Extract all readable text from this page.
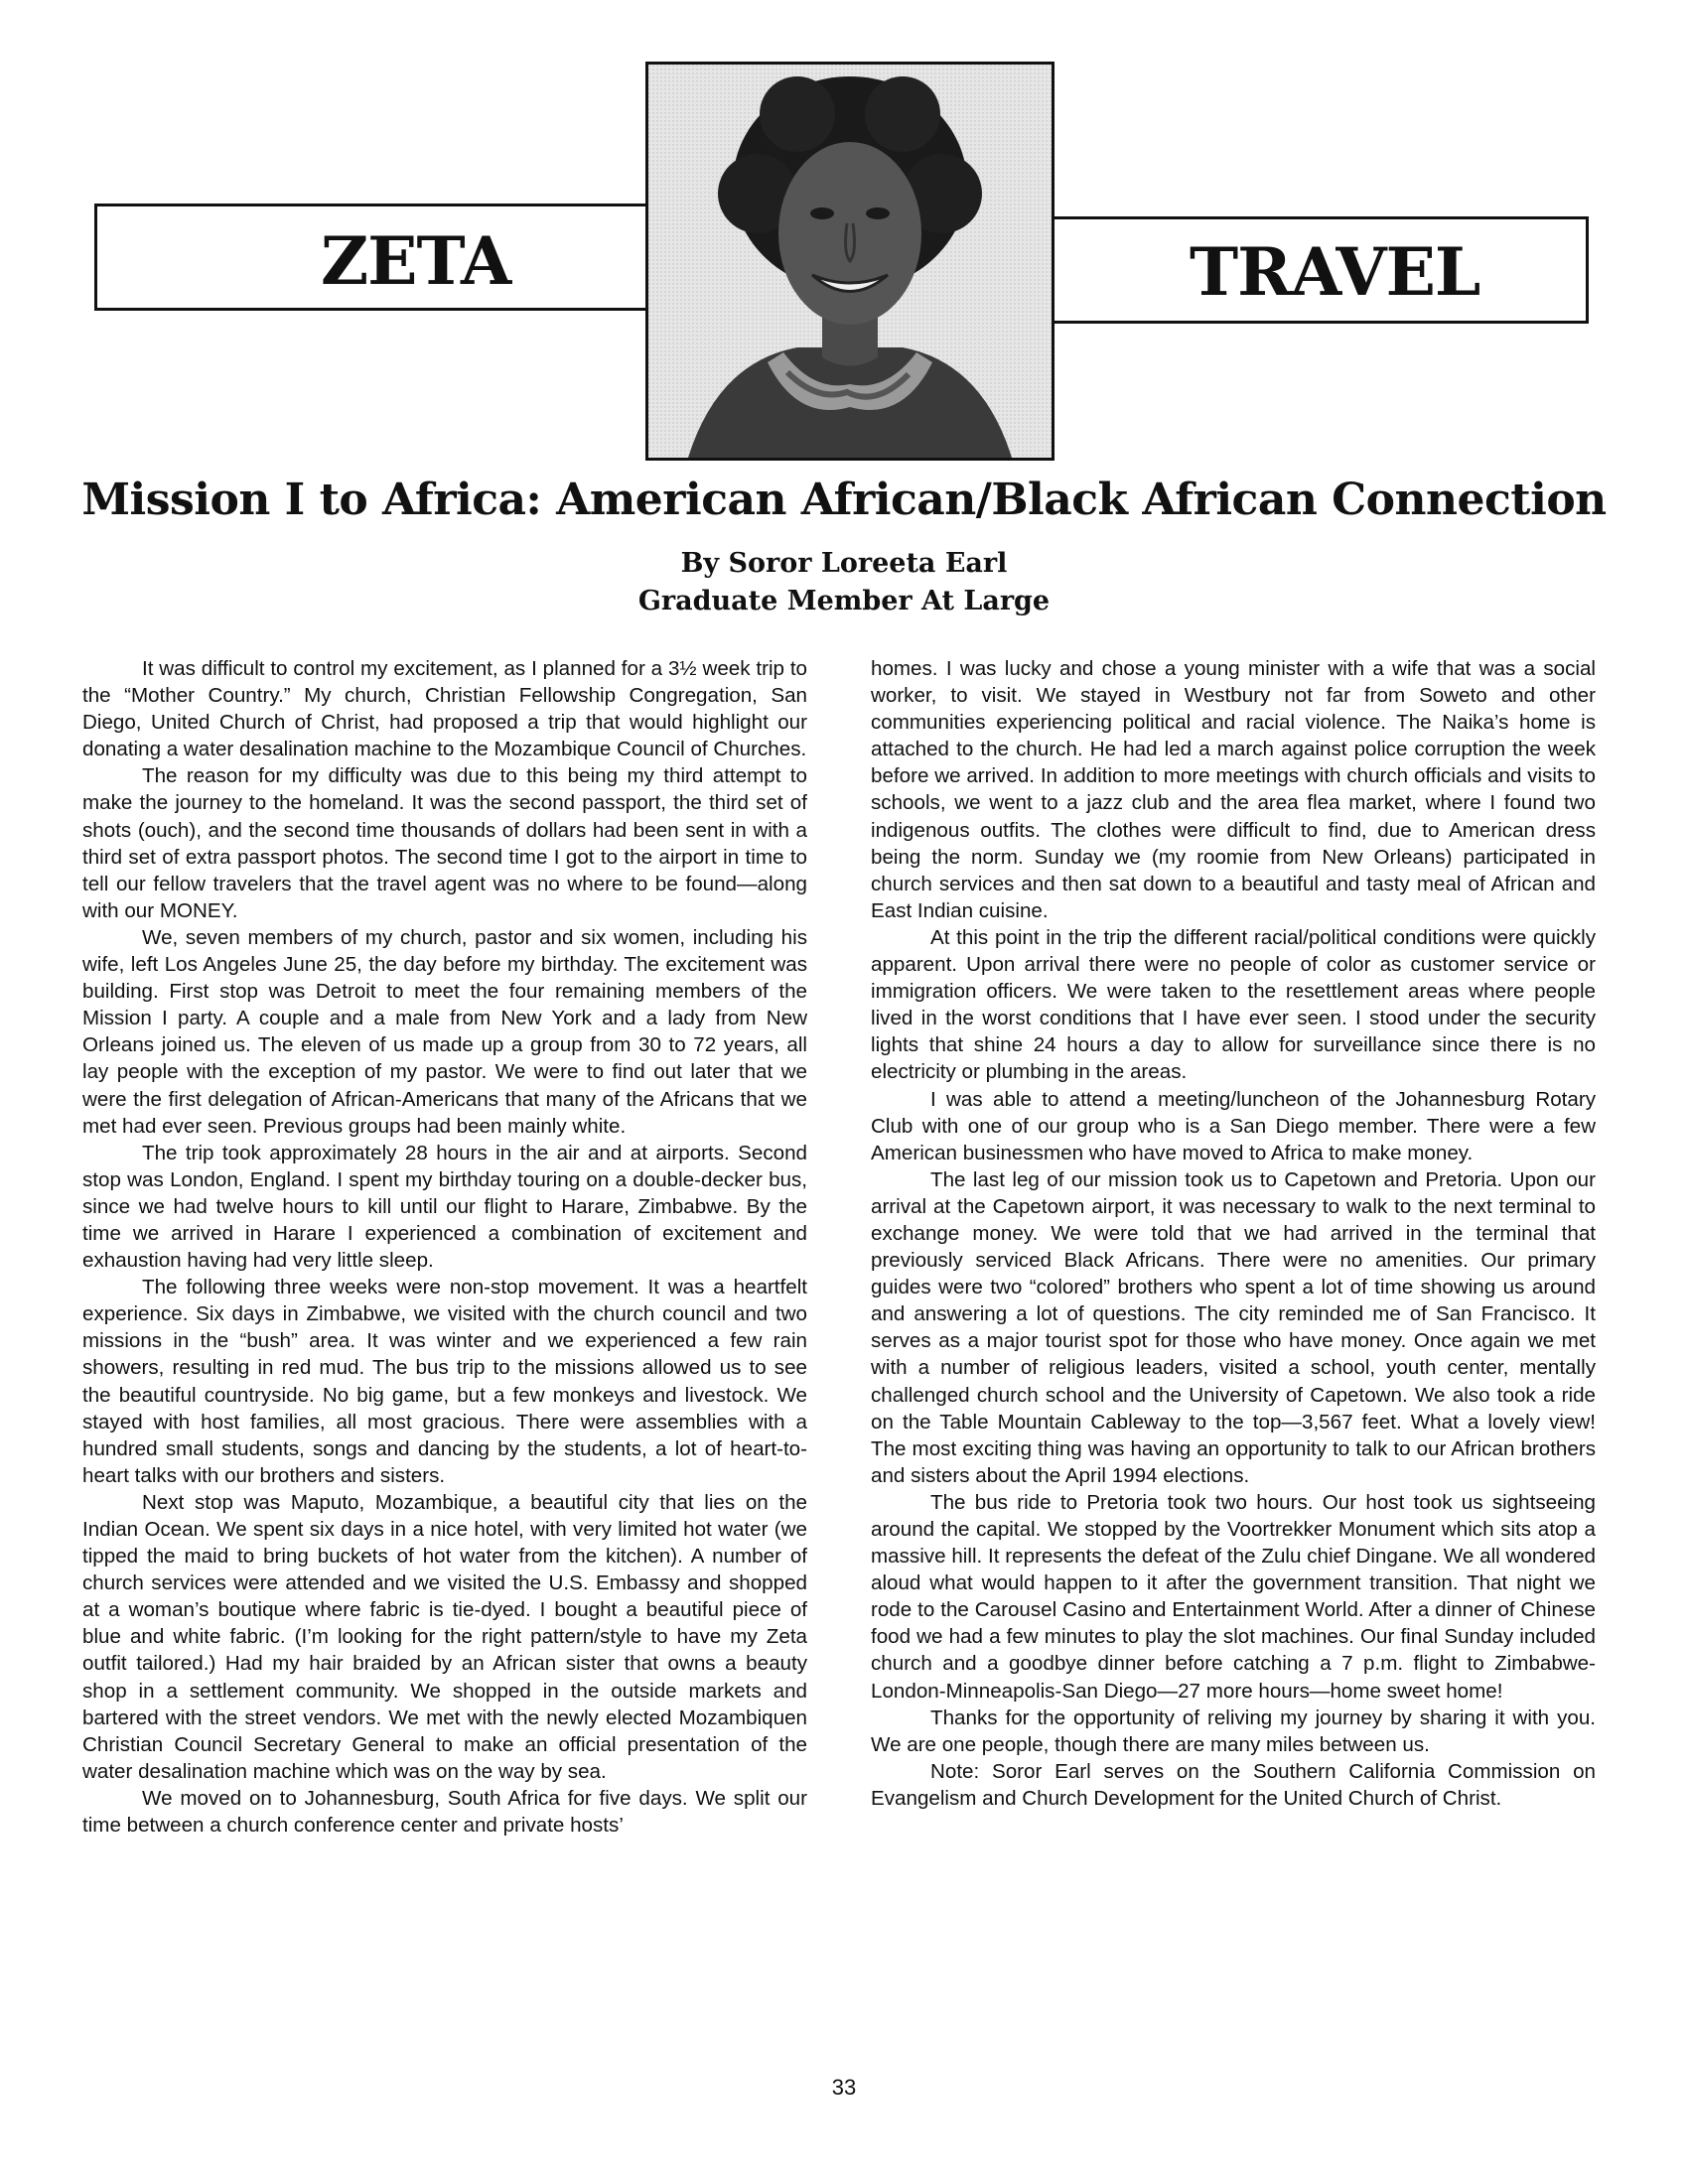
ZETA	TRAVEL
Mission I to Africa: American African/Black African Connection
By Soror Loreeta Earl
Graduate Member At Large

It was difficult to control my excitement, as I planned for a 3½ week trip to the “Mother Country.” My church, Christian Fellowship Congregation, San Diego, United Church of Christ, had proposed a trip that would highlight our donating a water desalination machine to the Mozambique Council of Churches.

The reason for my difficulty was due to this being my third attempt to make the journey to the homeland. It was the second passport, the third set of shots (ouch), and the second time thousands of dollars had been sent in with a third set of extra passport photos. The second time I got to the airport in time to tell our fellow travelers that the travel agent was no where to be found—along with our MONEY.

We, seven members of my church, pastor and six women, including his wife, left Los Angeles June 25, the day before my birthday. The excitement was building. First stop was Detroit to meet the four remaining members of the Mission I party. A couple and a male from New York and a lady from New Orleans joined us. The eleven of us made up a group from 30 to 72 years, all lay people with the exception of my pastor. We were to find out later that we were the first delegation of African-Americans that many of the Africans that we met had ever seen. Previous groups had been mainly white.

The trip took approximately 28 hours in the air and at airports. Second stop was London, England. I spent my birthday touring on a double-decker bus, since we had twelve hours to kill until our flight to Harare, Zimbabwe. By the time we arrived in Harare I experienced a combination of excitement and exhaustion having had very little sleep.

The following three weeks were non-stop movement. It was a heartfelt experience. Six days in Zimbabwe, we visited with the church council and two missions in the “bush” area. It was winter and we experienced a few rain showers, resulting in red mud. The bus trip to the missions allowed us to see the beautiful countryside. No big game, but a few monkeys and livestock. We stayed with host families, all most gracious. There were assemblies with a hundred small students, songs and dancing by the students, a lot of heart-to-heart talks with our brothers and sisters.

Next stop was Maputo, Mozambique, a beautiful city that lies on the Indian Ocean. We spent six days in a nice hotel, with very limited hot water (we tipped the maid to bring buckets of hot water from the kitchen). A number of church services were attended and we visited the U.S. Embassy and shopped at a woman’s boutique where fabric is tie-dyed. I bought a beautiful piece of blue and white fabric. (I’m looking for the right pattern/style to have my Zeta outfit tailored.) Had my hair braided by an African sister that owns a beauty shop in a settlement community. We shopped in the outside markets and bartered with the street vendors. We met with the newly elected Mozambiquen Christian Council Secretary General to make an official presentation of the water desalination machine which was on the way by sea.

We moved on to Johannesburg, South Africa for five days. We split our time between a church conference center and private hosts’

homes. I was lucky and chose a young minister with a wife that was a social worker, to visit. We stayed in Westbury not far from Soweto and other communities experiencing political and racial violence. The Naika’s home is attached to the church. He had led a march against police corruption the week before we arrived. In addition to more meetings with church officials and visits to schools, we went to a jazz club and the area flea market, where I found two indigenous outfits. The clothes were difficult to find, due to American dress being the norm. Sunday we (my roomie from New Orleans) participated in church services and then sat down to a beautiful and tasty meal of African and East Indian cuisine.

At this point in the trip the different racial/political conditions were quickly apparent. Upon arrival there were no people of color as customer service or immigration officers. We were taken to the resettlement areas where people lived in the worst conditions that I have ever seen. I stood under the security lights that shine 24 hours a day to allow for surveillance since there is no electricity or plumbing in the areas.

I was able to attend a meeting/luncheon of the Johannesburg Rotary Club with one of our group who is a San Diego member. There were a few American businessmen who have moved to Africa to make money.

The last leg of our mission took us to Capetown and Pretoria. Upon our arrival at the Capetown airport, it was necessary to walk to the next terminal to exchange money. We were told that we had arrived in the terminal that previously serviced Black Africans. There were no amenities. Our primary guides were two “colored” brothers who spent a lot of time showing us around and answering a lot of questions. The city reminded me of San Francisco. It serves as a major tourist spot for those who have money. Once again we met with a number of religious leaders, visited a school, youth center, mentally challenged church school and the University of Capetown. We also took a ride on the Table Mountain Cableway to the top—3,567 feet. What a lovely view! The most exciting thing was having an opportunity to talk to our African brothers and sisters about the April 1994 elections.

The bus ride to Pretoria took two hours. Our host took us sightseeing around the capital. We stopped by the Voortrekker Monument which sits atop a massive hill. It represents the defeat of the Zulu chief Dingane. We all wondered aloud what would happen to it after the government transition. That night we rode to the Carousel Casino and Entertainment World. After a dinner of Chinese food we had a few minutes to play the slot machines. Our final Sunday included church and a goodbye dinner before catching a 7 p.m. flight to Zimbabwe-London-Minneapolis-San Diego—27 more hours—home sweet home!

Thanks for the opportunity of reliving my journey by sharing it with you. We are one people, though there are many miles between us.

Note: Soror Earl serves on the Southern California Commission on Evangelism and Church Development for the United Church of Christ.

33
